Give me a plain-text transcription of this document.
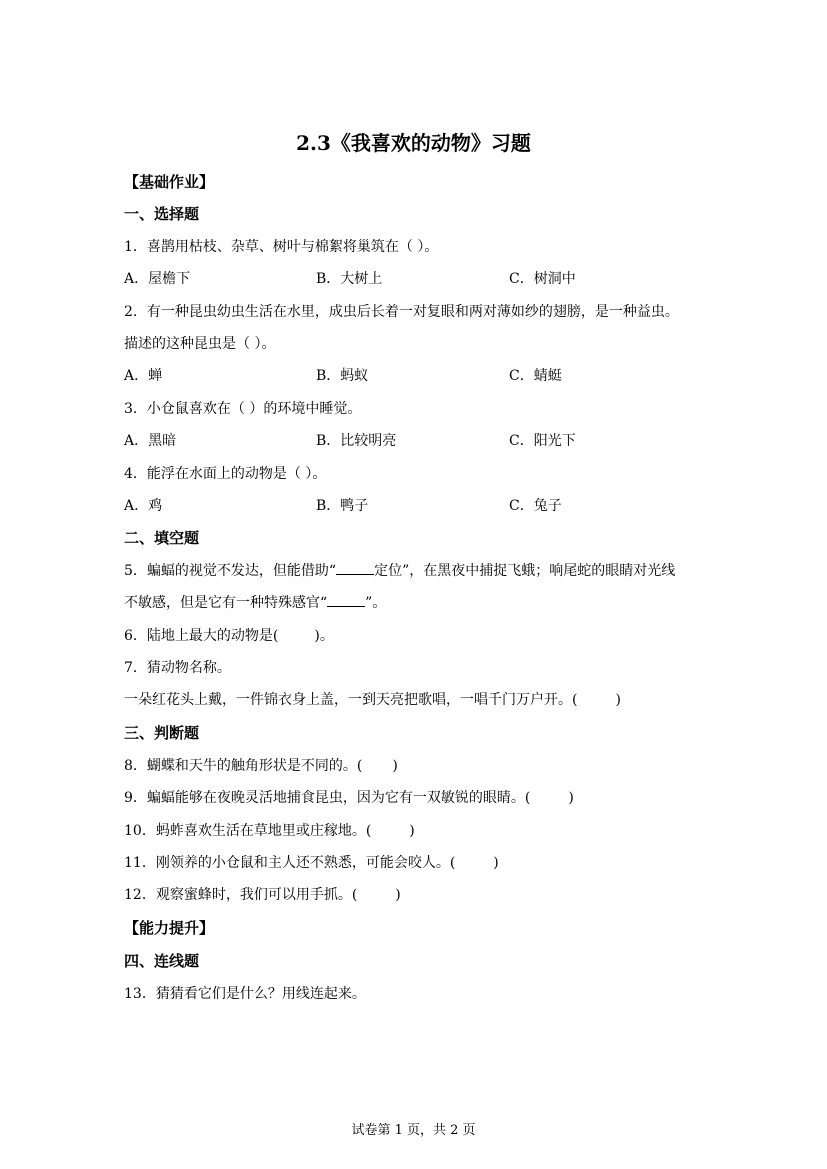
2.3《我喜欢的动物》习题
【基础作业】
一、选择题
1．喜鹊用枯枝、杂草、树叶与棉絮将巢筑在（ ）。
A．屋檐下	B．大树上	C．树洞中
2．有一种昆虫幼虫生活在水里，成虫后长着一对复眼和两对薄如纱的翅膀，是一种益虫。
描述的这种昆虫是（ ）。
A．蝉	B．蚂蚁	C．蜻蜓
3．小仓鼠喜欢在（ ）的环境中睡觉。
A．黑暗	B．比较明亮	C．阳光下
4．能浮在水面上的动物是（ ）。
A．鸡	B．鸭子	C．兔子
二、填空题
5．蝙蝠的视觉不发达，但能借助“	定位”，在黑夜中捕捉飞蛾；响尾蛇的眼睛对光线
不敏感，但是它有一种特殊感官“	”。
6．陆地上最大的动物是(	)。
7．猜动物名称。
一朵红花头上戴，一件锦衣身上盖，一到天亮把歌唱，一唱千门万户开。(	)
三、判断题
8．蝴蝶和天牛的触角形状是不同的。( )
9．蝙蝠能够在夜晚灵活地捕食昆虫，因为它有一双敏锐的眼睛。(	)
10．蚂蚱喜欢生活在草地里或庄稼地。(	)
11．刚领养的小仓鼠和主人还不熟悉，可能会咬人。(	)
12．观察蜜蜂时，我们可以用手抓。(	)
【能力提升】
四、连线题
13．猜猜看它们是什么？用线连起来。
试卷第 1 页，共 2 页
